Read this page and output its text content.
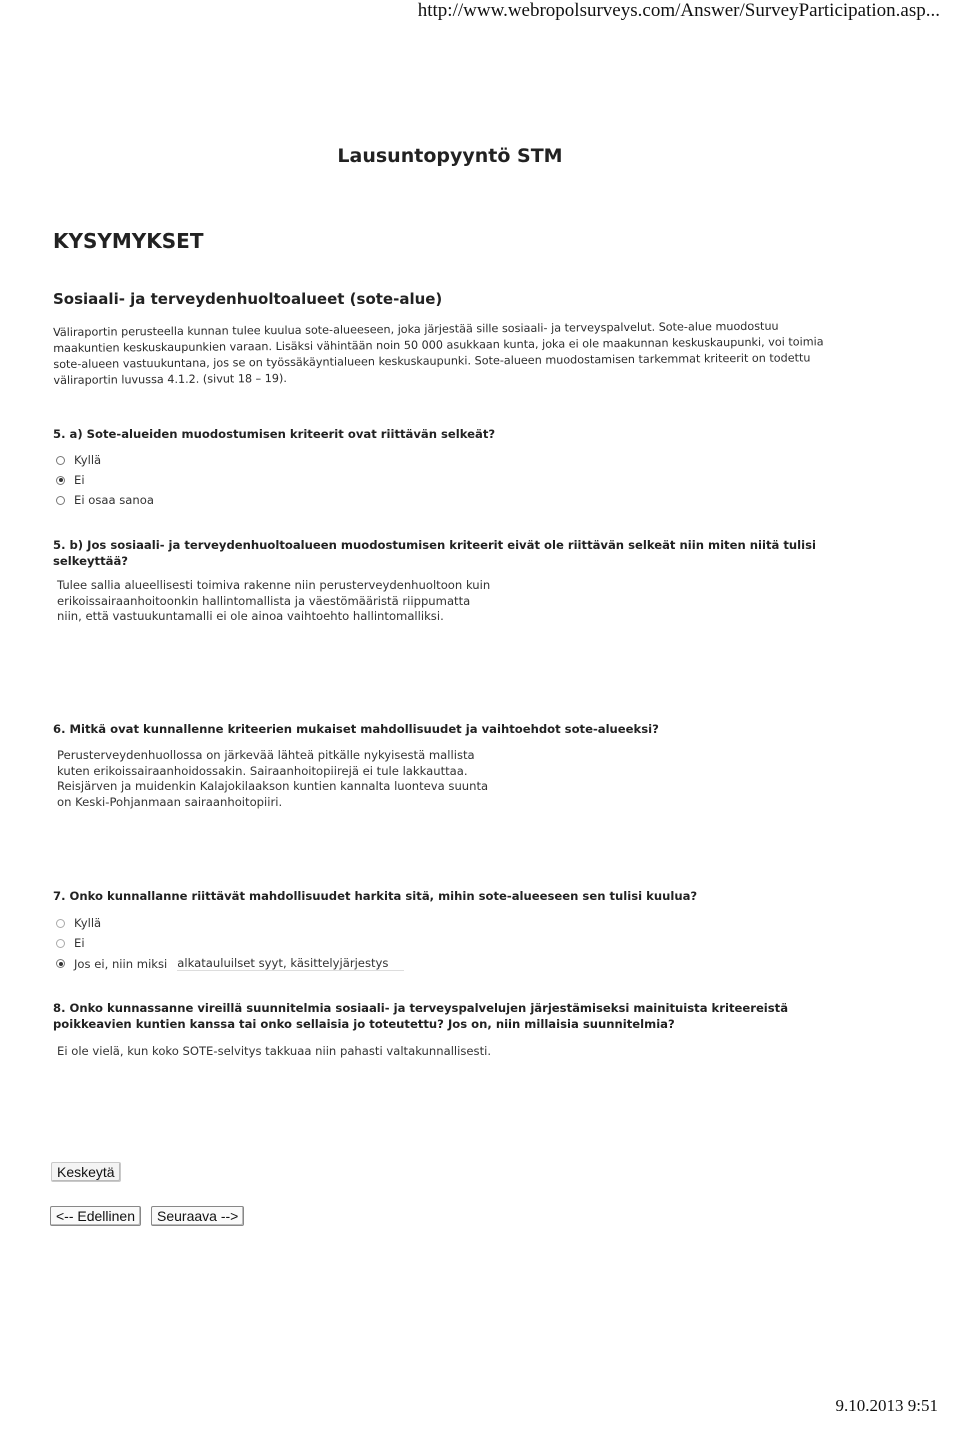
http://www.webropolsurveys.com/Answer/SurveyParticipation.asp...
Lausuntopyyntö STM
KYSYMYKSET
Sosiaali- ja terveydenhuoltoalueet (sote-alue)
Väliraportin perusteella kunnan tulee kuulua sote-alueeseen, joka järjestää sille sosiaali- ja terveyspalvelut. Sote-alue muodostuu
maakuntien keskuskaupunkien varaan. Lisäksi vähintään noin 50 000 asukkaan kunta, joka ei ole maakunnan keskuskaupunki, voi toimia
sote-alueen vastuukuntana, jos se on työssäkäyntialueen keskuskaupunki. Sote-alueen muodostamisen tarkemmat kriteerit on todettu
väliraportin luvussa 4.1.2. (sivut 18 – 19).
5. a) Sote-alueiden muodostumisen kriteerit ovat riittävän selkeät?
Kyllä
Ei
Ei osaa sanoa
5. b) Jos sosiaali- ja terveydenhuoltoalueen muodostumisen kriteerit eivät ole riittävän selkeät niin miten niitä tulisi selkeyttää?
Tulee sallia alueellisesti toimiva rakenne niin perusterveydenhuoltoon kuin
erikoissairaanhoitoonkin hallintomallista ja väestömääristä riippumatta
niin, että vastuukuntamalli ei ole ainoa vaihtoehto hallintomalliksi.
6. Mitkä ovat kunnallenne kriteerien mukaiset mahdollisuudet ja vaihtoehdot sote-alueeksi?
Perusterveydenhuollossa on järkevää lähteä pitkälle nykyisestä mallista
kuten erikoissairaanhoidossakin. Sairaanhoitopiirejä ei tule lakkauttaa.
Reisjärven ja muidenkin Kalajokilaakson kuntien kannalta luonteva suunta
on Keski-Pohjanmaan sairaanhoitopiiri.
7. Onko kunnallanne riittävät mahdollisuudet harkita sitä, mihin sote-alueeseen sen tulisi kuulua?
Kyllä
Ei
Jos ei, niin miksi alkatauluilset syyt, käsittelyjärjestys
8. Onko kunnassanne vireillä suunnitelmia sosiaali- ja terveyspalvelujen järjestämiseksi mainituista kriteereistä poikkeavien kuntien kanssa tai onko sellaisia jo toteutettu? Jos on, niin millaisia suunnitelmia?
Ei ole vielä, kun koko SOTE-selvitys takkuaa niin pahasti valtakunnallisesti.
Keskeytä
<-- Edellinen	Seuraava -->
9.10.2013 9:51
